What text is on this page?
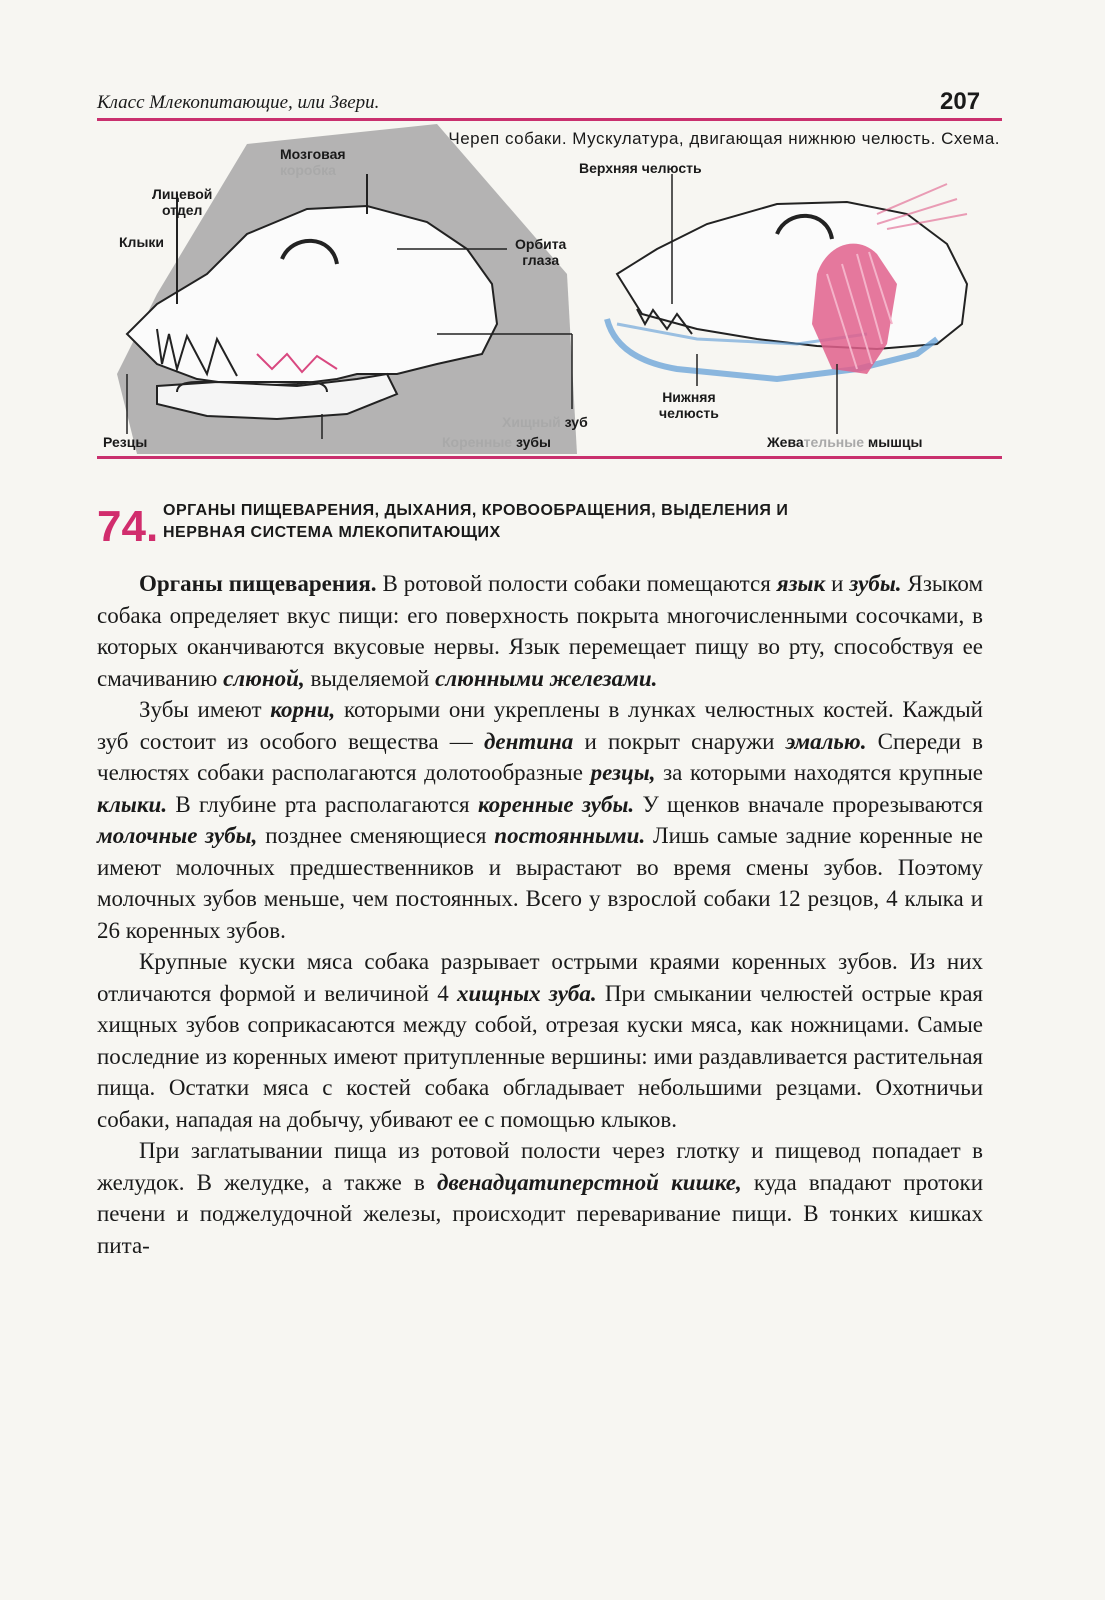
Класс Млекопитающие, или Звери.	207
Череп собаки. Мускулатура, двигающая нижнюю челюсть. Схема.
Мозговая
коробка
Лицевой
отдел
Клыки	Орбита
глаза
Резцы
Хищный зуб
Коренные зубы
Верхняя челюсть
Нижняя
челюсть
Жевательные мышцы
74. ОРГАНЫ ПИЩЕВАРЕНИЯ, ДЫХАНИЯ, КРОВООБРАЩЕНИЯ, ВЫДЕЛЕНИЯ И НЕРВНАЯ СИСТЕМА МЛЕКОПИТАЮЩИХ

Органы пищеварения. В ротовой полости собаки помещаются язык и зубы. Языком собака определяет вкус пищи: его поверхность покрыта многочисленными сосочками, в которых оканчиваются вкусовые нервы. Язык перемещает пищу во рту, способствуя ее смачиванию слюной, выделяемой слюнными железами.

Зубы имеют корни, которыми они укреплены в лунках челюстных костей. Каждый зуб состоит из особого вещества — дентина и покрыт снаружи эмалью. Спереди в челюстях собаки располагаются долотообразные резцы, за которыми находятся крупные клыки. В глубине рта располагаются коренные зубы. У щенков вначале прорезываются молочные зубы, позднее сменяющиеся постоянными. Лишь самые задние коренные не имеют молочных предшественников и вырастают во время смены зубов. Поэтому молочных зубов меньше, чем постоянных. Всего у взрослой собаки 12 резцов, 4 клыка и 26 коренных зубов.

Крупные куски мяса собака разрывает острыми краями коренных зубов. Из них отличаются формой и величиной 4 хищных зуба. При смыкании челюстей острые края хищных зубов соприкасаются между собой, отрезая куски мяса, как ножницами. Самые последние из коренных имеют притупленные вершины: ими раздавливается растительная пища. Остатки мяса с костей собака обгладывает небольшими резцами. Охотничьи собаки, нападая на добычу, убивают ее с помощью клыков.

При заглатывании пища из ротовой полости через глотку и пищевод попадает в желудок. В желудке, а также в двенадцатиперстной кишке, куда впадают протоки печени и поджелудочной железы, происходит переваривание пищи. В тонких кишках пита-
